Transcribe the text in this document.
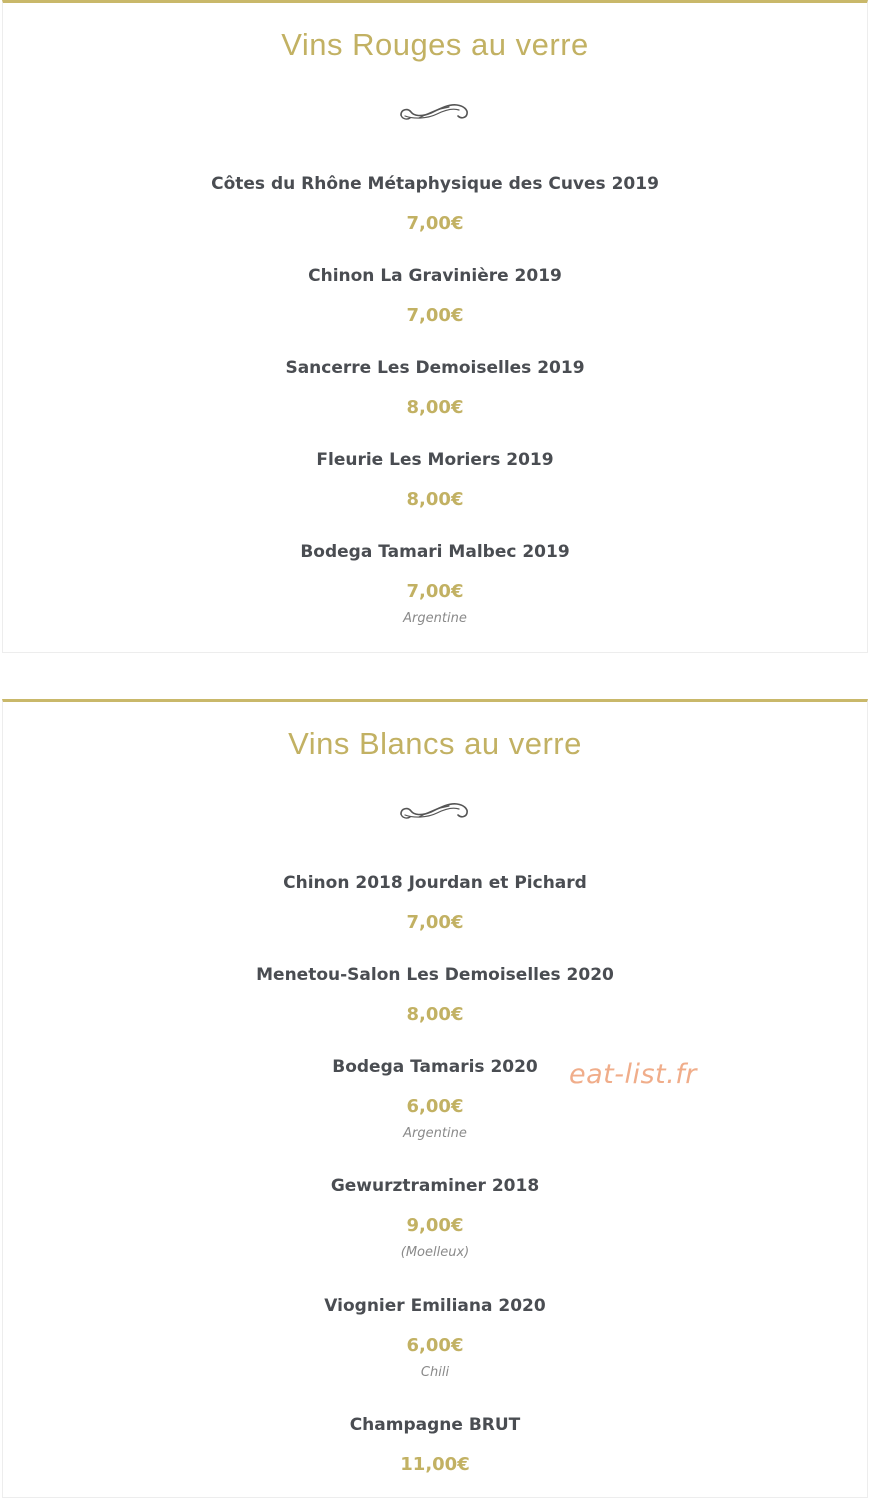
Vins Rouges au verre
Côtes du Rhône Métaphysique des Cuves 2019
7,00€
Chinon La Gravinière 2019
7,00€
Sancerre Les Demoiselles 2019
8,00€
Fleurie Les Moriers 2019
8,00€
Bodega Tamari Malbec 2019
7,00€
Argentine
Vins Blancs au verre
Chinon 2018 Jourdan et Pichard
7,00€
Menetou-Salon Les Demoiselles 2020
8,00€
Bodega Tamaris 2020
6,00€
Argentine
Gewurztraminer 2018
9,00€
(Moelleux)
Viognier Emiliana 2020
6,00€
Chili
Champagne BRUT
11,00€
eat-list.fr
